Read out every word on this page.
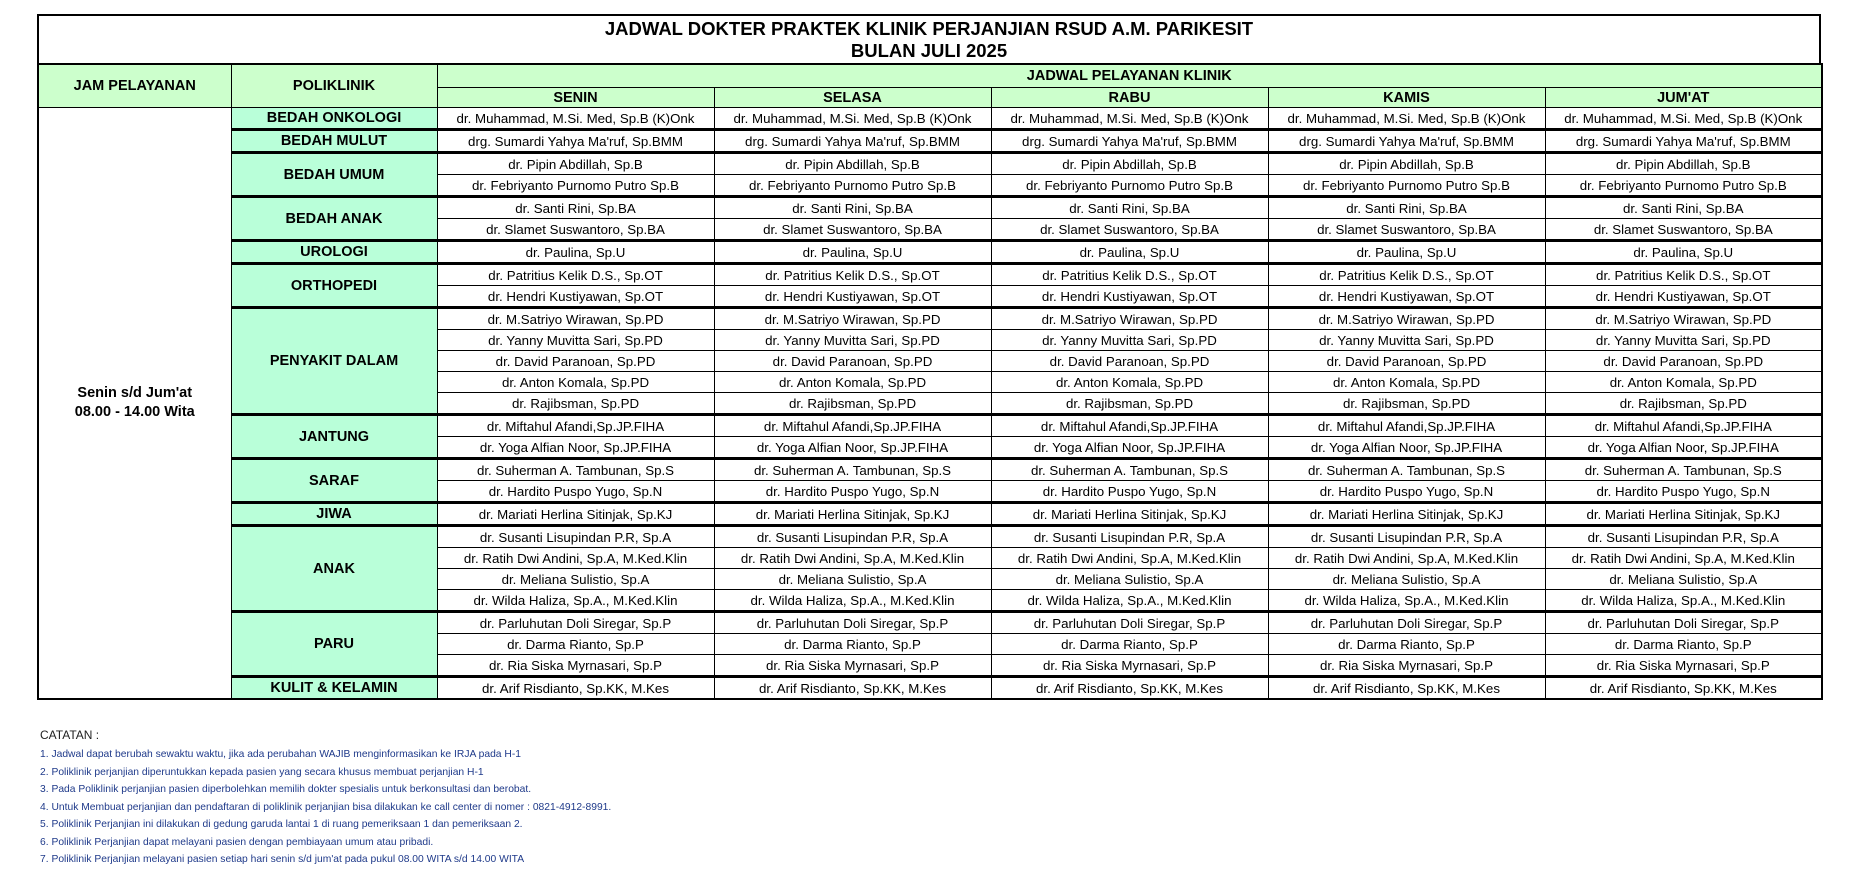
JADWAL DOKTER PRAKTEK KLINIK PERJANJIAN RSUD A.M. PARIKESIT
BULAN JULI 2025
JAM PELAYANAN	POLIKLINIK	JADWAL PELAYANAN KLINIK				
		SENIN	SELASA	RABU	KAMIS	JUM'AT

Senin s/d Jum'at
08.00 - 14.00 Wita	BEDAH ONKOLOGI	dr. Muhammad, M.Si. Med, Sp.B (K)Onk	dr. Muhammad, M.Si. Med, Sp.B (K)Onk	dr. Muhammad, M.Si. Med, Sp.B (K)Onk	dr. Muhammad, M.Si. Med, Sp.B (K)Onk	dr. Muhammad, M.Si. Med, Sp.B (K)Onk
	BEDAH MULUT	drg. Sumardi Yahya Ma'ruf, Sp.BMM	drg. Sumardi Yahya Ma'ruf, Sp.BMM	drg. Sumardi Yahya Ma'ruf, Sp.BMM	drg. Sumardi Yahya Ma'ruf, Sp.BMM	drg. Sumardi Yahya Ma'ruf, Sp.BMM
	BEDAH UMUM	dr. Pipin Abdillah, Sp.B	dr. Pipin Abdillah, Sp.B	dr. Pipin Abdillah, Sp.B	dr. Pipin Abdillah, Sp.B	dr. Pipin Abdillah, Sp.B
		dr. Febriyanto Purnomo Putro Sp.B	dr. Febriyanto Purnomo Putro Sp.B	dr. Febriyanto Purnomo Putro Sp.B	dr. Febriyanto Purnomo Putro Sp.B	dr. Febriyanto Purnomo Putro Sp.B
	BEDAH ANAK	dr. Santi Rini, Sp.BA	dr. Santi Rini, Sp.BA	dr. Santi Rini, Sp.BA	dr. Santi Rini, Sp.BA	dr. Santi Rini, Sp.BA
		dr. Slamet Suswantoro, Sp.BA	dr. Slamet Suswantoro, Sp.BA	dr. Slamet Suswantoro, Sp.BA	dr. Slamet Suswantoro, Sp.BA	dr. Slamet Suswantoro, Sp.BA
	UROLOGI	dr. Paulina, Sp.U	dr. Paulina, Sp.U	dr. Paulina, Sp.U	dr. Paulina, Sp.U	dr. Paulina, Sp.U
	ORTHOPEDI	dr. Patritius Kelik D.S., Sp.OT	dr. Patritius Kelik D.S., Sp.OT	dr. Patritius Kelik D.S., Sp.OT	dr. Patritius Kelik D.S., Sp.OT	dr. Patritius Kelik D.S., Sp.OT
		dr. Hendri Kustiyawan, Sp.OT	dr. Hendri Kustiyawan, Sp.OT	dr. Hendri Kustiyawan, Sp.OT	dr. Hendri Kustiyawan, Sp.OT	dr. Hendri Kustiyawan, Sp.OT
	PENYAKIT DALAM	dr. M.Satriyo Wirawan, Sp.PD	dr. M.Satriyo Wirawan, Sp.PD	dr. M.Satriyo Wirawan, Sp.PD	dr. M.Satriyo Wirawan, Sp.PD	dr. M.Satriyo Wirawan, Sp.PD
		dr. Yanny Muvitta Sari, Sp.PD	dr. Yanny Muvitta Sari, Sp.PD	dr. Yanny Muvitta Sari, Sp.PD	dr. Yanny Muvitta Sari, Sp.PD	dr. Yanny Muvitta Sari, Sp.PD
		dr. David Paranoan, Sp.PD	dr. David Paranoan, Sp.PD	dr. David Paranoan, Sp.PD	dr. David Paranoan, Sp.PD	dr. David Paranoan, Sp.PD
		dr. Anton Komala, Sp.PD	dr. Anton Komala, Sp.PD	dr. Anton Komala, Sp.PD	dr. Anton Komala, Sp.PD	dr. Anton Komala, Sp.PD
		dr. Rajibsman, Sp.PD	dr. Rajibsman, Sp.PD	dr. Rajibsman, Sp.PD	dr. Rajibsman, Sp.PD	dr. Rajibsman, Sp.PD
	JANTUNG	dr. Miftahul Afandi,Sp.JP.FIHA	dr. Miftahul Afandi,Sp.JP.FIHA	dr. Miftahul Afandi,Sp.JP.FIHA	dr. Miftahul Afandi,Sp.JP.FIHA	dr. Miftahul Afandi,Sp.JP.FIHA
		dr. Yoga Alfian Noor, Sp.JP.FIHA	dr. Yoga Alfian Noor, Sp.JP.FIHA	dr. Yoga Alfian Noor, Sp.JP.FIHA	dr. Yoga Alfian Noor, Sp.JP.FIHA	dr. Yoga Alfian Noor, Sp.JP.FIHA
	SARAF	dr. Suherman A. Tambunan, Sp.S	dr. Suherman A. Tambunan, Sp.S	dr. Suherman A. Tambunan, Sp.S	dr. Suherman A. Tambunan, Sp.S	dr. Suherman A. Tambunan, Sp.S
		dr. Hardito Puspo Yugo, Sp.N	dr. Hardito Puspo Yugo, Sp.N	dr. Hardito Puspo Yugo, Sp.N	dr. Hardito Puspo Yugo, Sp.N	dr. Hardito Puspo Yugo, Sp.N
	JIWA	dr. Mariati Herlina Sitinjak, Sp.KJ	dr. Mariati Herlina Sitinjak, Sp.KJ	dr. Mariati Herlina Sitinjak, Sp.KJ	dr. Mariati Herlina Sitinjak, Sp.KJ	dr. Mariati Herlina Sitinjak, Sp.KJ
	ANAK	dr. Susanti Lisupindan P.R, Sp.A	dr. Susanti Lisupindan P.R, Sp.A	dr. Susanti Lisupindan P.R, Sp.A	dr. Susanti Lisupindan P.R, Sp.A	dr. Susanti Lisupindan P.R, Sp.A
		dr. Ratih Dwi Andini, Sp.A, M.Ked.Klin	dr. Ratih Dwi Andini, Sp.A, M.Ked.Klin	dr. Ratih Dwi Andini, Sp.A, M.Ked.Klin	dr. Ratih Dwi Andini, Sp.A, M.Ked.Klin	dr. Ratih Dwi Andini, Sp.A, M.Ked.Klin
		dr. Meliana Sulistio, Sp.A	dr. Meliana Sulistio, Sp.A	dr. Meliana Sulistio, Sp.A	dr. Meliana Sulistio, Sp.A	dr. Meliana Sulistio, Sp.A
		dr. Wilda Haliza, Sp.A., M.Ked.Klin	dr. Wilda Haliza, Sp.A., M.Ked.Klin	dr. Wilda Haliza, Sp.A., M.Ked.Klin	dr. Wilda Haliza, Sp.A., M.Ked.Klin	dr. Wilda Haliza, Sp.A., M.Ked.Klin
	PARU	dr. Parluhutan Doli Siregar, Sp.P	dr. Parluhutan Doli Siregar, Sp.P	dr. Parluhutan Doli Siregar, Sp.P	dr. Parluhutan Doli Siregar, Sp.P	dr. Parluhutan Doli Siregar, Sp.P
		dr. Darma Rianto, Sp.P	dr. Darma Rianto, Sp.P	dr. Darma Rianto, Sp.P	dr. Darma Rianto, Sp.P	dr. Darma Rianto, Sp.P
		dr. Ria Siska Myrnasari, Sp.P	dr. Ria Siska Myrnasari, Sp.P	dr. Ria Siska Myrnasari, Sp.P	dr. Ria Siska Myrnasari, Sp.P	dr. Ria Siska Myrnasari, Sp.P
	KULIT & KELAMIN	dr. Arif Risdianto, Sp.KK, M.Kes	dr. Arif Risdianto, Sp.KK, M.Kes	dr. Arif Risdianto, Sp.KK, M.Kes	dr. Arif Risdianto, Sp.KK, M.Kes	dr. Arif Risdianto, Sp.KK, M.Kes
CATATAN :
1. Jadwal dapat berubah sewaktu waktu, jika ada perubahan WAJIB menginformasikan ke IRJA pada H-1
2. Poliklinik perjanjian diperuntukkan kepada pasien yang secara khusus membuat perjanjian H-1
3. Pada Poliklinik perjanjian pasien diperbolehkan memilih dokter spesialis untuk berkonsultasi dan berobat.
4. Untuk Membuat perjanjian dan pendaftaran di poliklinik perjanjian bisa dilakukan ke call center di nomer : 0821-4912-8991.
5. Poliklinik Perjanjian ini dilakukan di gedung garuda lantai 1 di ruang pemeriksaan 1 dan pemeriksaan 2.
6. Poliklinik Perjanjian dapat melayani pasien dengan pembiayaan umum atau pribadi.
7. Poliklinik Perjanjian melayani pasien setiap hari senin s/d jum'at pada pukul 08.00 WITA s/d 14.00 WITA
